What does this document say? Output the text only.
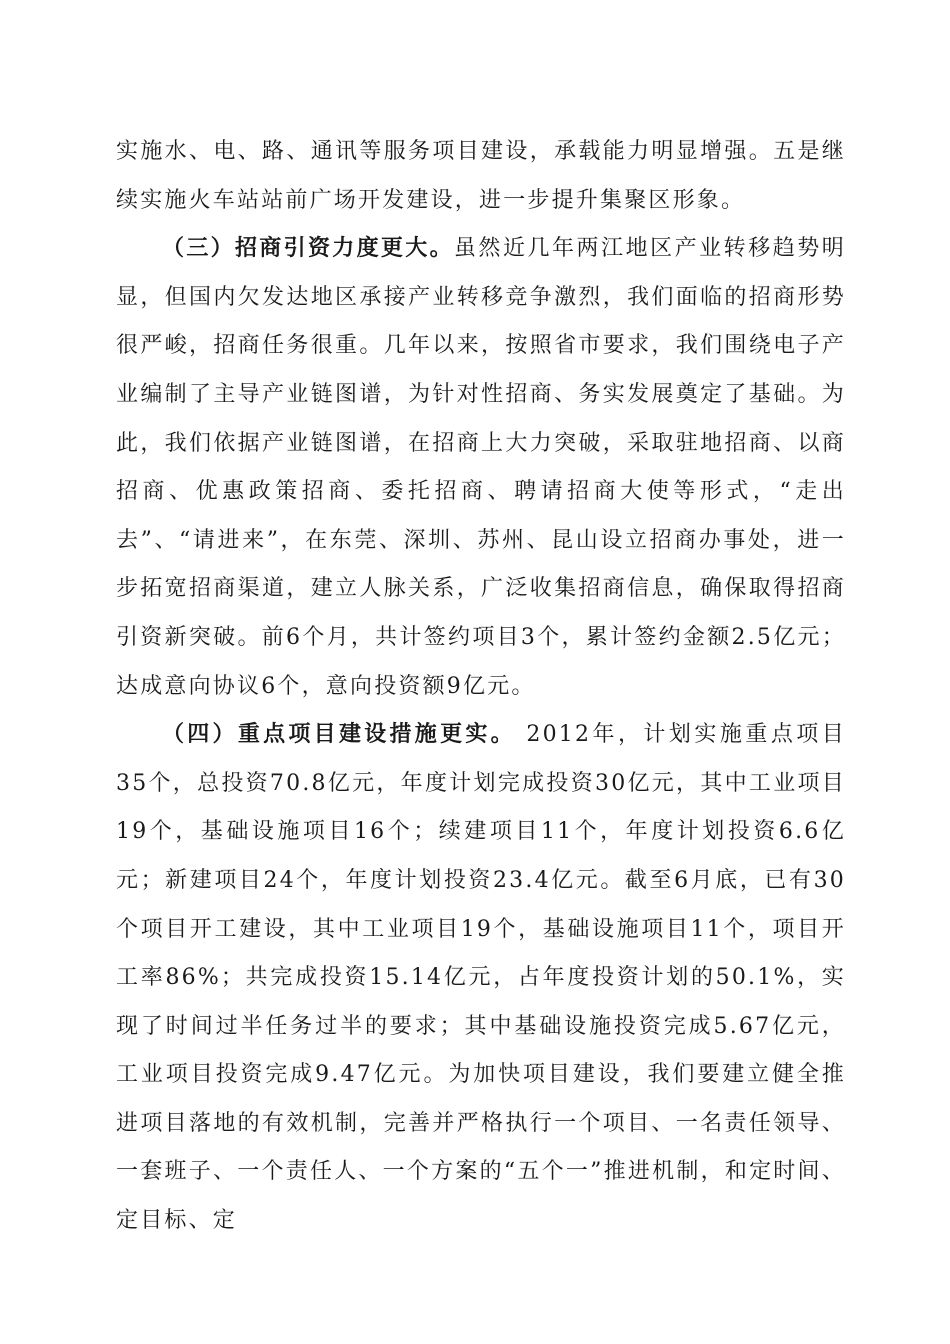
实施水、电、路、通讯等服务项目建设，承载能力明显增强。五是继续实施火车站站前广场开发建设，进一步提升集聚区形象。

（三）招商引资力度更大。虽然近几年两江地区产业转移趋势明显，但国内欠发达地区承接产业转移竞争激烈，我们面临的招商形势很严峻，招商任务很重。几年以来，按照省市要求，我们围绕电子产业编制了主导产业链图谱，为针对性招商、务实发展奠定了基础。为此，我们依据产业链图谱，在招商上大力突破，采取驻地招商、以商招商、优惠政策招商、委托招商、聘请招商大使等形式，“走出去”、“请进来”，在东莞、深圳、苏州、昆山设立招商办事处，进一步拓宽招商渠道，建立人脉关系，广泛收集招商信息，确保取得招商引资新突破。前6个月，共计签约项目3个，累计签约金额2.5亿元；达成意向协议6个，意向投资额9亿元。

（四）重点项目建设措施更实。 2012年，计划实施重点项目35个，总投资70.8亿元，年度计划完成投资30亿元，其中工业项目19个，基础设施项目16个；续建项目11个，年度计划投资6.6亿元；新建项目24个，年度计划投资23.4亿元。截至6月底，已有30个项目开工建设，其中工业项目19个，基础设施项目11个，项目开工率86%；共完成投资15.14亿元，占年度投资计划的50.1%，实现了时间过半任务过半的要求；其中基础设施投资完成5.67亿元，工业项目投资完成9.47亿元。为加快项目建设，我们要建立健全推进项目落地的有效机制，完善并严格执行一个项目、一名责任领导、一套班子、一个责任人、一个方案的“五个一”推进机制，和定时间、定目标、定
